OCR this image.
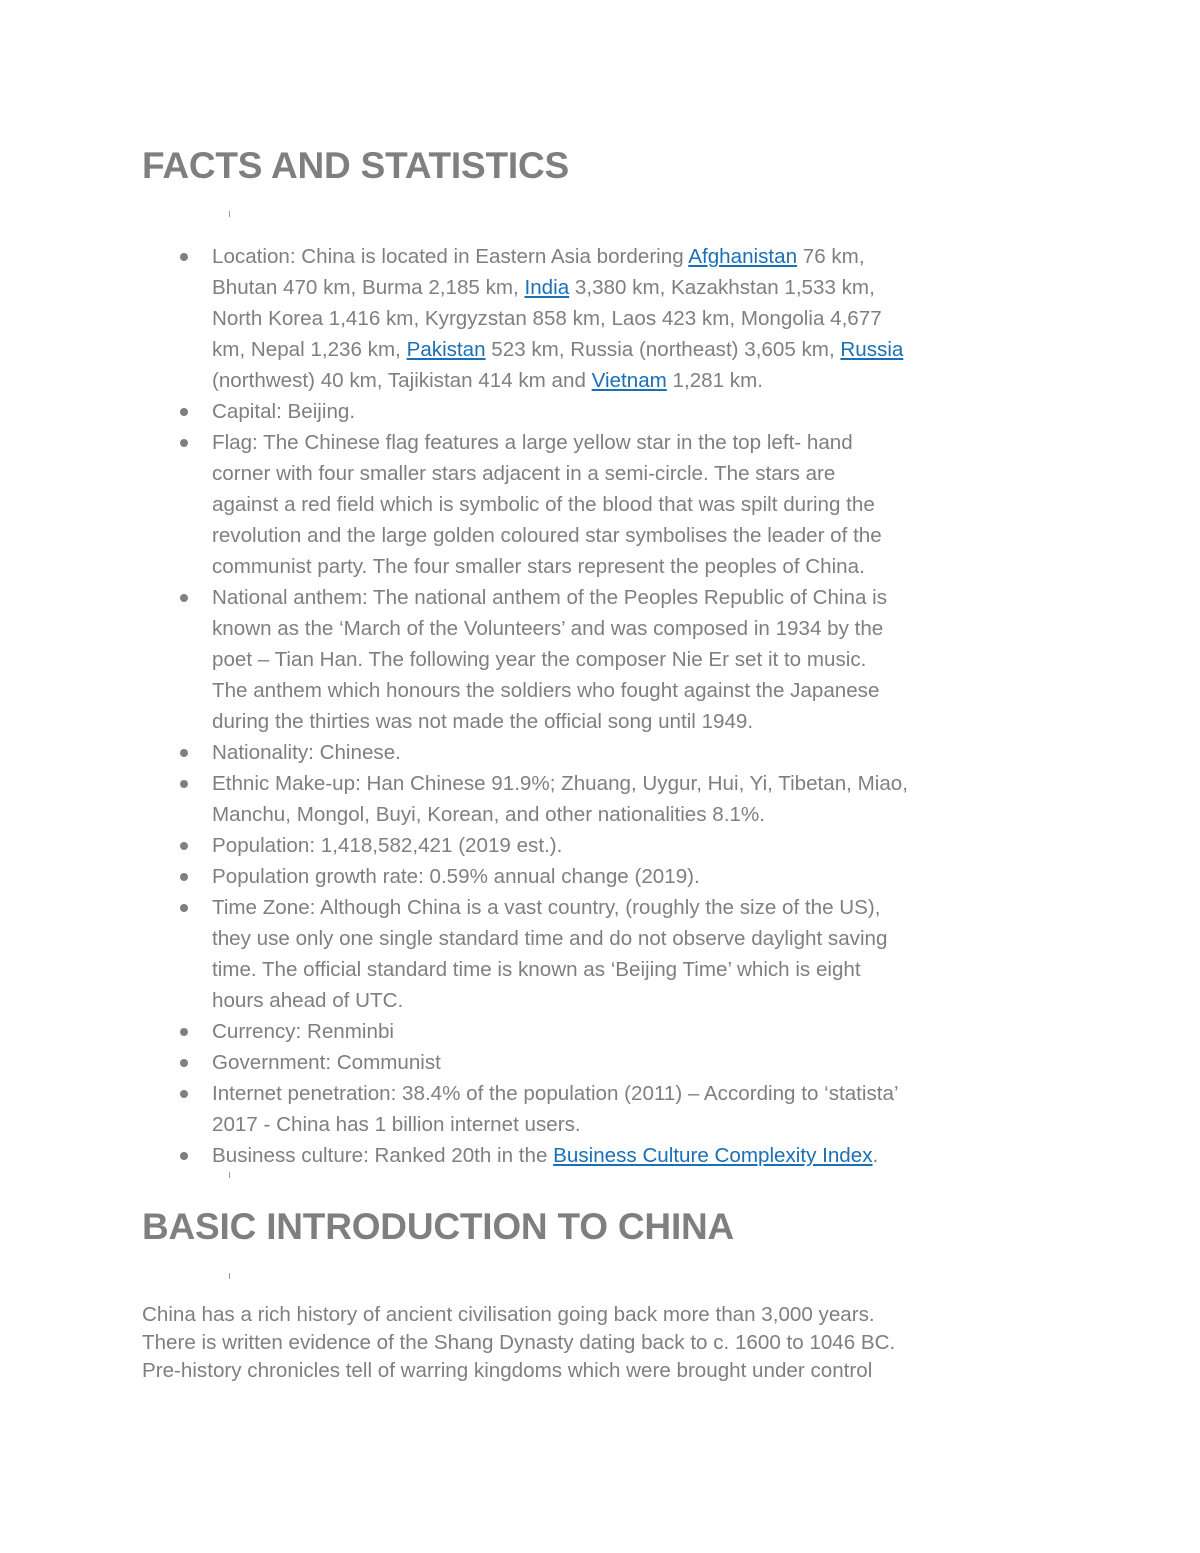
FACTS AND STATISTICS
Location: China is located in Eastern Asia bordering Afghanistan 76 km,
Bhutan 470 km, Burma 2,185 km, India 3,380 km, Kazakhstan 1,533 km,
North Korea 1,416 km, Kyrgyzstan 858 km, Laos 423 km, Mongolia 4,677
km, Nepal 1,236 km, Pakistan 523 km, Russia (northeast) 3,605 km, Russia
(northwest) 40 km, Tajikistan 414 km and Vietnam 1,281 km.
Capital: Beijing.
Flag: The Chinese flag features a large yellow star in the top left- hand
corner with four smaller stars adjacent in a semi-circle. The stars are
against a red field which is symbolic of the blood that was spilt during the
revolution and the large golden coloured star symbolises the leader of the
communist party. The four smaller stars represent the peoples of China.
National anthem: The national anthem of the Peoples Republic of China is
known as the ‘March of the Volunteers’ and was composed in 1934 by the
poet – Tian Han. The following year the composer Nie Er set it to music.
The anthem which honours the soldiers who fought against the Japanese
during the thirties was not made the official song until 1949.
Nationality: Chinese.
Ethnic Make-up: Han Chinese 91.9%; Zhuang, Uygur, Hui, Yi, Tibetan, Miao,
Manchu, Mongol, Buyi, Korean, and other nationalities 8.1%.
Population: 1,418,582,421 (2019 est.).
Population growth rate: 0.59% annual change (2019).
Time Zone: Although China is a vast country, (roughly the size of the US),
they use only one single standard time and do not observe daylight saving
time. The official standard time is known as ‘Beijing Time’ which is eight
hours ahead of UTC.
Currency: Renminbi
Government: Communist
Internet penetration: 38.4% of the population (2011) – According to ‘statista’
2017 - China has 1 billion internet users.
Business culture: Ranked 20th in the Business Culture Complexity Index.
BASIC INTRODUCTION TO CHINA
China has a rich history of ancient civilisation going back more than 3,000 years.
There is written evidence of the Shang Dynasty dating back to c. 1600 to 1046 BC.
Pre-history chronicles tell of warring kingdoms which were brought under control
